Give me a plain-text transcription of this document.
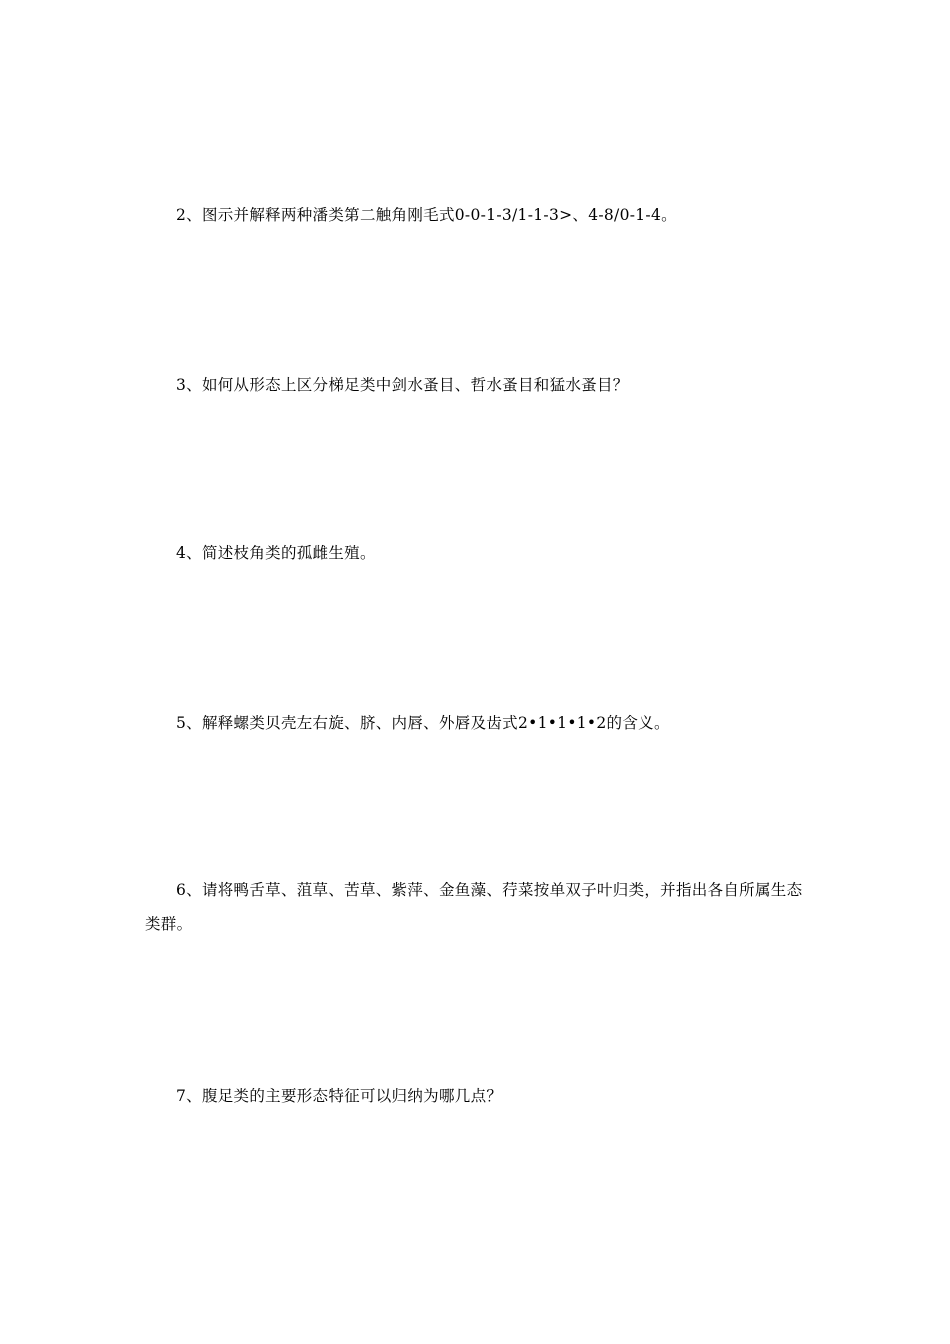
2、图示并解释两种潘类第二触角刚毛式0-0-1-3/1-1-3>、4-8/0-1-4。

3、如何从形态上区分梯足类中剑水蚤目、哲水蚤目和猛水蚤目？

4、简述枝角类的孤雌生殖。

5、解释螺类贝壳左右旋、脐、内唇、外唇及齿式2•1•1•1•2的含义。

6、请将鸭舌草、菹草、苦草、紫萍、金鱼藻、荇菜按单双子叶归类，并指出各自所属生态类群。

7、腹足类的主要形态特征可以归纳为哪几点？
